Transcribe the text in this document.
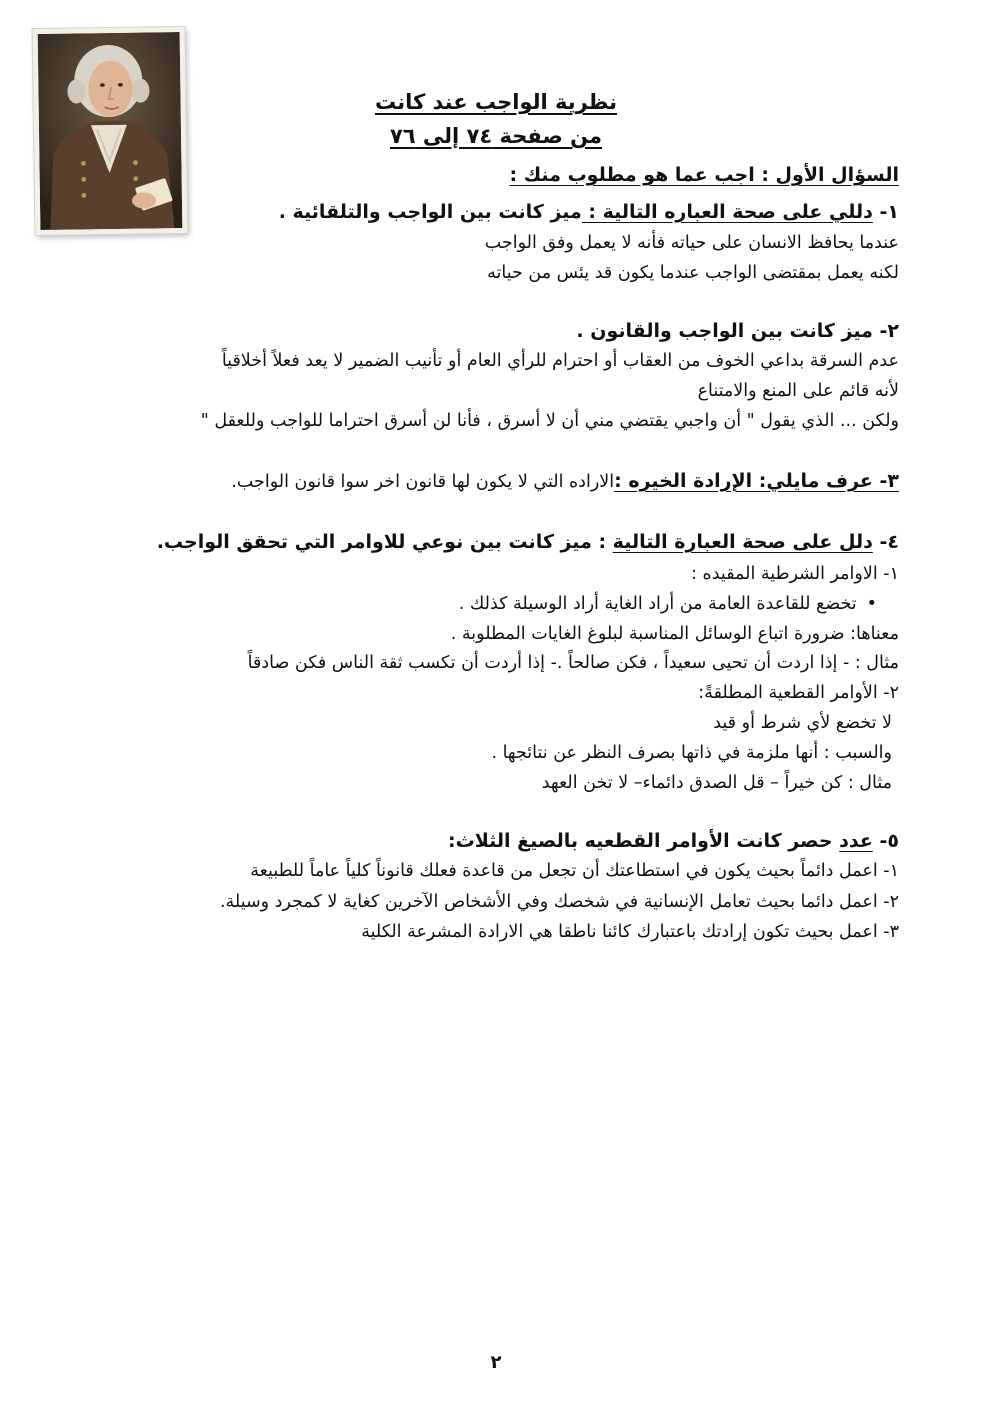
نظرية الواجب عند كانت
من صفحة ٧٤ إلى ٧٦
السؤال الأول : اجب عما هو مطلوب منك :
١- دللي على صحة العباره التالية : ميز كانت بين الواجب والتلقائية .
عندما يحافظ الانسان على حياته فأنه لا يعمل وفق الواجب
لكنه يعمل بمقتضى الواجب عندما يكون قد يئس من حياته
٢- ميز كانت بين الواجب والقانون .
عدم السرقة بداعي الخوف من العقاب أو احترام للرأي العام أو تأنيب الضمير لا يعد فعلاً أخلاقياً
لأنه قائم على المنع والامتناع
ولكن ... الذي يقول " أن واجبي يقتضي مني أن لا أسرق ، فأنا لن أسرق احتراما للواجب وللعقل "
٣- عرف مايلي: الإرادة الخيره :الاراده التي لا يكون لها قانون اخر سوا قانون الواجب.
٤- دلل على صحة العبارة التالية : ميز كانت بين نوعي للاوامر التي تحقق الواجب.
١- الاوامر الشرطية المقيده :
• تخضع للقاعدة العامة من أراد الغاية أراد الوسيلة كذلك .
معناها: ضرورة اتباع الوسائل المناسبة لبلوغ الغايات المطلوبة .
مثال : - إذا اردت أن تحيى سعيداً ، فكن صالحاً .- إذا أردت أن تكسب ثقة الناس فكن صادقاً
٢- الأوامر القطعية المطلقةً:
لا تخضع لأي شرط أو قيد
والسبب : أنها ملزمة في ذاتها بصرف النظر عن نتائجها .
مثال : كن خيراً – قل الصدق دائماء– لا تخن العهد
٥- عدد حصر كانت الأوامر القطعيه بالصيغ الثلاث:
١- اعمل دائماً بحيث يكون في استطاعتك أن تجعل من قاعدة فعلك قانوناً كلياً عاماً للطبيعة
٢- اعمل دائما بحيث تعامل الإنسانية في شخصك وفي الأشخاص الآخرين كغاية لا كمجرد وسيلة.
٣- اعمل بحيث تكون إرادتك باعتبارك كائنا ناطقا هي الارادة المشرعة الكلية
٢
